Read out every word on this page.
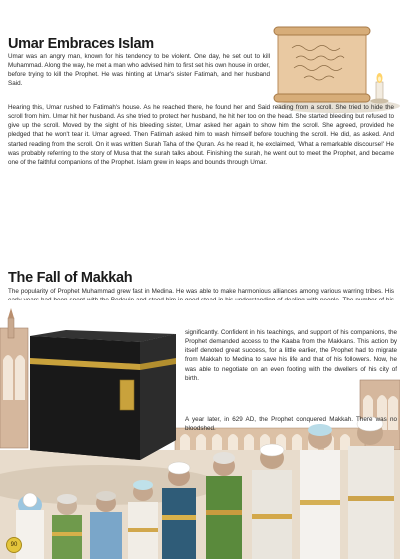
Umar Embraces Islam

Umar was an angry man, known for his tendency to be violent. One day, he set out to kill Muhammad. Along the way, he met a man who advised him to first set his own house in order, before trying to kill the Prophet. He was hinting at Umar's sister Fatimah, and her husband Said.

Hearing this, Umar rushed to Fatimah's house. As he reached there, he found her and Said reading from a scroll. She tried to hide the scroll from him. Umar hit her husband. As she tried to protect her husband, he hit her too on the head. She started bleeding but refused to give up the scroll. Moved by the sight of his bleeding sister, Umar asked her again to show him the scroll. She agreed, provided he pledged that he won't tear it. Umar agreed. Then Fatimah asked him to wash himself before touching the scroll. He did, as asked. And started reading from the scroll. On it was written Surah Taha of the Quran. As he read it, he exclaimed, 'What a remarkable discourse!' He was probably referring to the story of Musa that the surah talks about. Finishing the surah, he went out to meet the Prophet, and became one of the faithful companions of the Prophet. Islam grew in leaps and bounds through Umar.

The Fall of Makkah

The popularity of Prophet Muhammad grew fast in Medina. He was able to make harmonious alliances among various warring tribes. His

significantly. Confident in his teachings, and support of his companions, the Prophet demanded access to the Kaaba from the Makkans. This action by itself denoted great success, for a little earlier, the Prophet had to migrate from Makkah to Medina to save his life and that of his followers. Now, he was able to negotiate on an even footing with the dwellers of his city of birth.

A year later, in 629 AD, the Prophet conquered Makkah. There was no bloodshed.

90
